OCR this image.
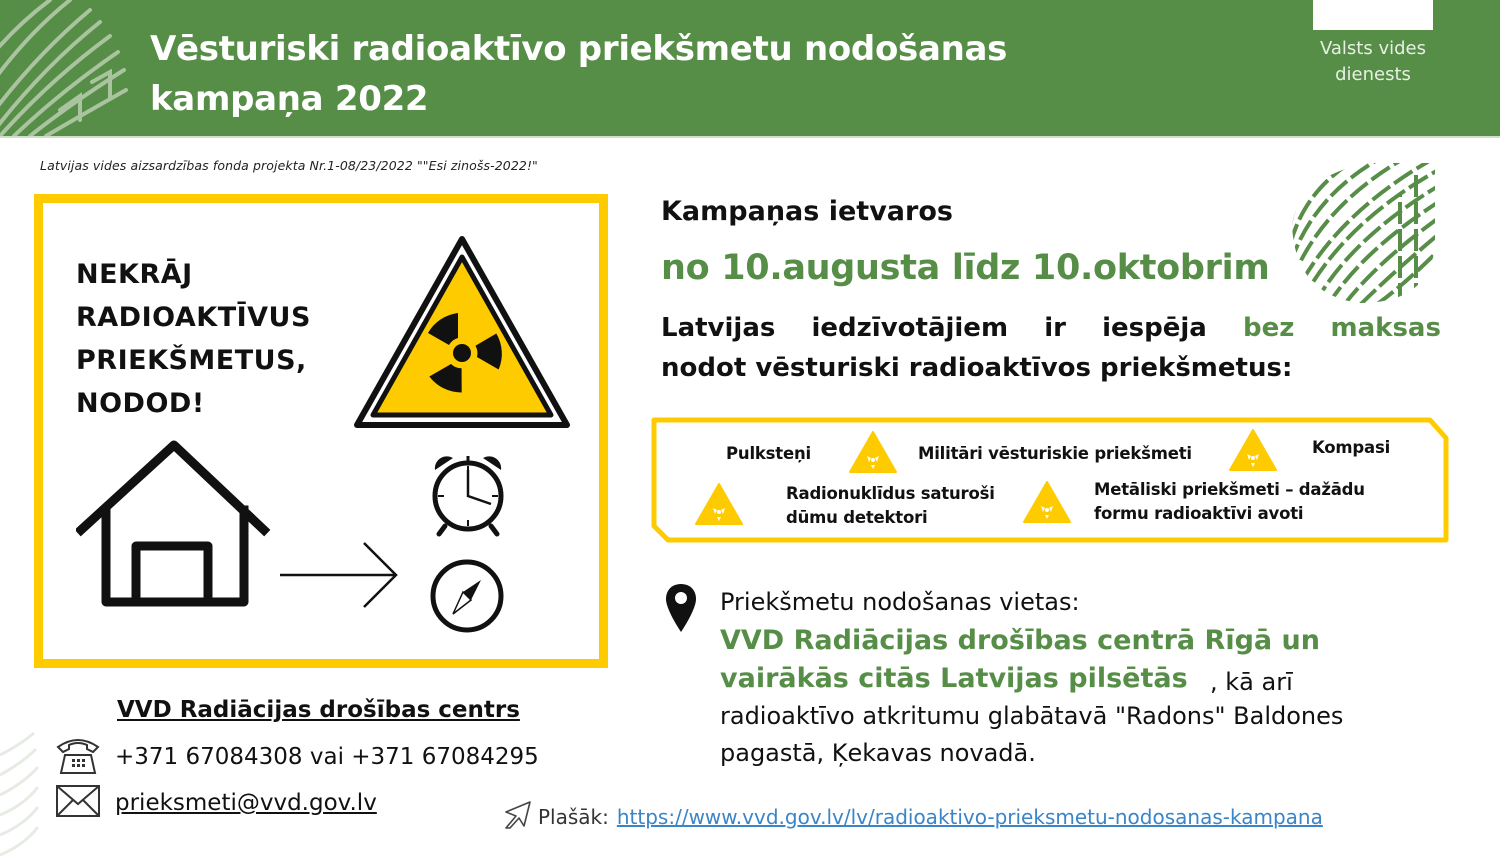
Vēsturiski radioaktīvo priekšmetu nodošanas
kampaņa 2022
Valsts vides
dienests
Latvijas vides aizsardzības fonda projekta Nr.1-08/23/2022 ""Esi zinošs-2022!"
NEKRĀJ
RADIOAKTĪVUS
PRIEKŠMETUS,
NODOD!
VVD Radiācijas drošības centrs
+371 67084308 vai +371 67084295
prieksmeti@vvd.gov.lv
Kampaņas ietvaros
no 10.augusta līdz 10.oktobrim
Latvijas iedzīvotājiem ir iespēja bez maksas
nodot vēsturiski radioaktīvos priekšmetus:
Pulksteņi	Militāri vēsturiskie priekšmeti	Kompasi
Radionuklīdus saturoši
dūmu detektori
Metāliski priekšmeti – dažādu
formu radioaktīvi avoti
Priekšmetu nodošanas vietas:
VVD Radiācijas drošības centrā Rīgā un
vairākās citās Latvijas pilsētās , kā arī
radioaktīvo atkritumu glabātavā "Radons" Baldones
pagastā, Ķekavas novadā.
Plašāk: https://www.vvd.gov.lv/lv/radioaktivo-prieksmetu-nodosanas-kampana
